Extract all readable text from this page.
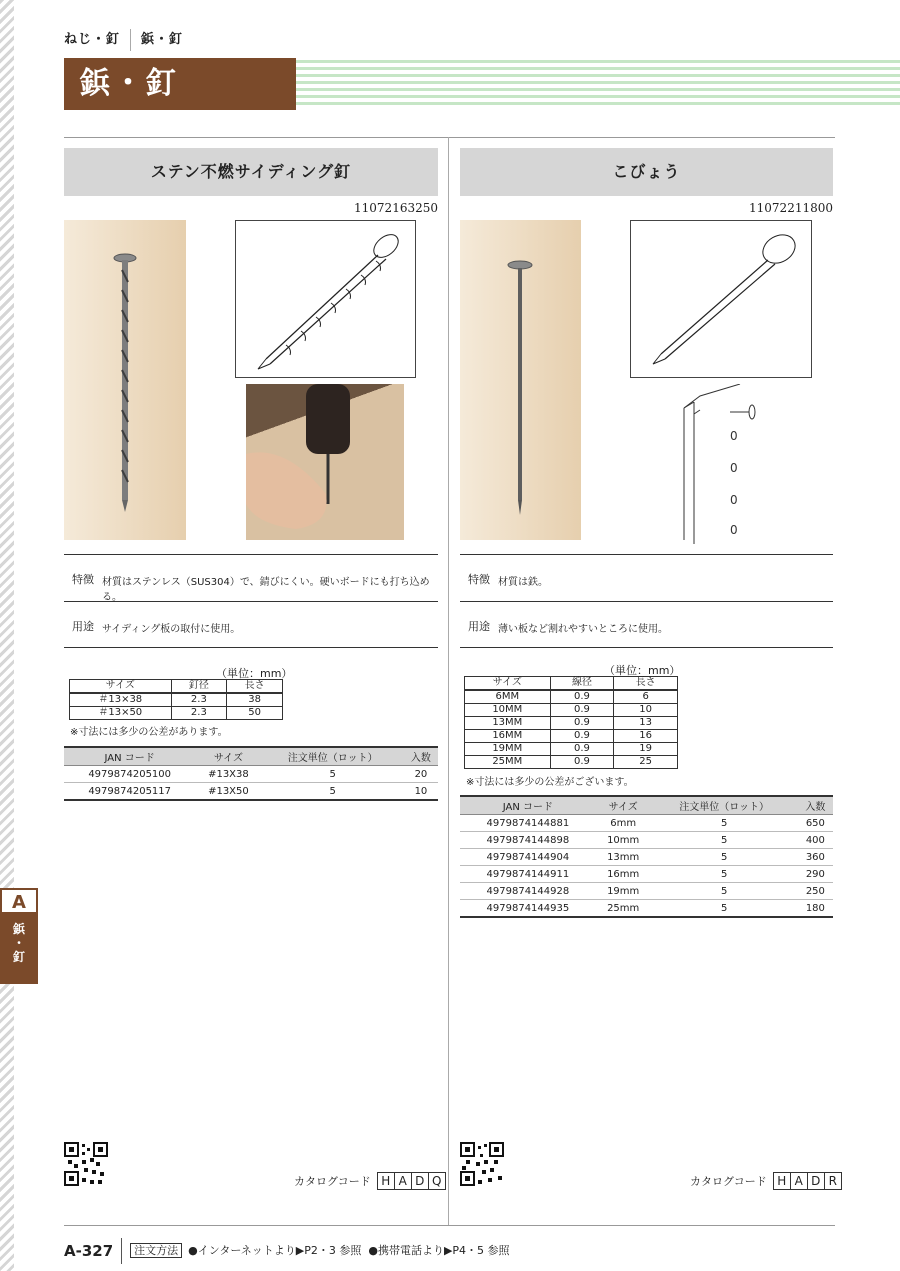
ねじ・釘 鋲・釘
鋲・釘
ステン不燃サイディング釘
11072163250
特徴 材質はステンレス（SUS304）で、錆びにくい。硬いボードにも打ち込める。
用途 サイディング板の取付に使用。
（単位：mm）
サイズ	釘径	長さ
＃13×38	2.3	38
＃13×50	2.3	50
※寸法には多少の公差があります。
JAN コード	サイズ	注文単位（ロット）	入数
4979874205100	#13X38	5	20
4979874205117	#13X50	5	10
カタログコード H A D Q
こびょう
11072211800
0
0
0
0
特徴 材質は鉄。
用途 薄い板など割れやすいところに使用。
（単位：mm）
サイズ	線径	長さ
6MM	0.9	6
10MM	0.9	10
13MM	0.9	13
16MM	0.9	16
19MM	0.9	19
25MM	0.9	25
※寸法には多少の公差がございます。
JAN コード	サイズ	注文単位（ロット）	入数
4979874144881	6mm	5	650
4979874144898	10mm	5	400
4979874144904	13mm	5	360
4979874144911	16mm	5	290
4979874144928	19mm	5	250
4979874144935	25mm	5	180
カタログコード H A D R
A
鋲
・
釘
A-327 注文方法 ●インターネットより▶P2・3 参照 ●携帯電話より▶P4・5 参照
